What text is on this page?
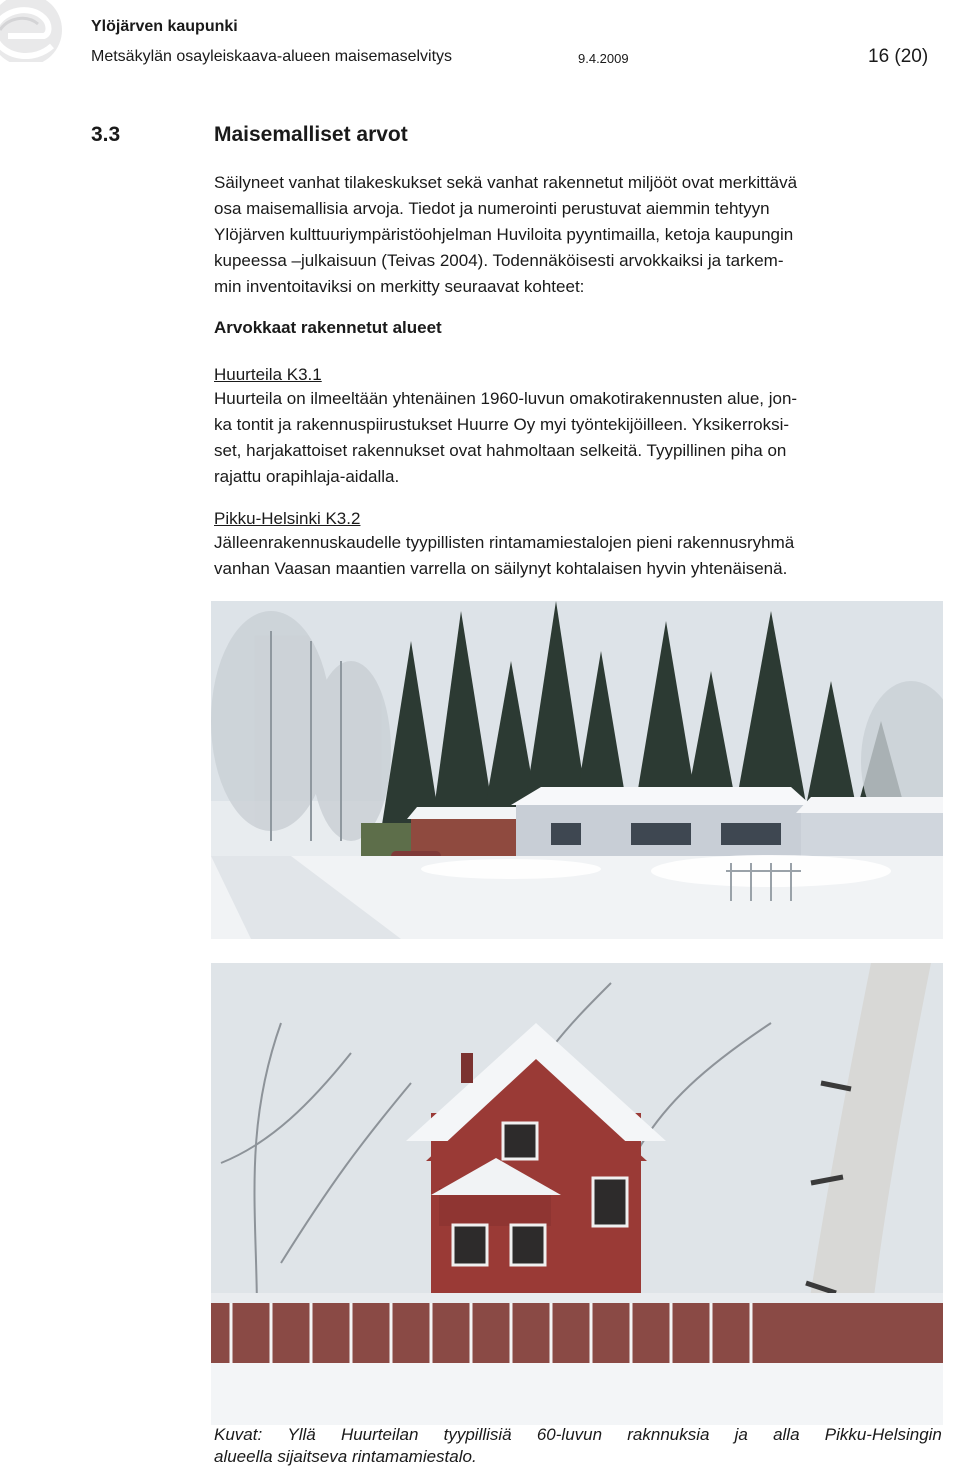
Ylöjärven kaupunki
Metsäkylän osayleiskaava-alueen maisemaselvitys	9.4.2009	16 (20)
3.3	Maisemalliset arvot
Säilyneet vanhat tilakeskukset sekä vanhat rakennetut miljööt ovat merkittävä
osa maisemallisia arvoja. Tiedot ja numerointi perustuvat aiemmin tehtyyn
Ylöjärven kulttuuriympäristöohjelman Huviloita pyyntimailla, ketoja kaupungin
kupeessa –julkaisuun (Teivas 2004). Todennäköisesti arvokkaiksi ja tarkem-
min inventoitaviksi on merkitty seuraavat kohteet:
Arvokkaat rakennetut alueet
Huurteila K3.1
Huurteila on ilmeeltään yhtenäinen 1960-luvun omakotirakennusten alue, jon-
ka tontit ja rakennuspiirustukset Huurre Oy myi työntekijöilleen. Yksikerroksi-
set, harjakattoiset rakennukset ovat hahmoltaan selkeitä. Tyypillinen piha on
rajattu orapihlaja-aidalla.
Pikku-Helsinki K3.2
Jälleenrakennuskaudelle tyypillisten rintamamiestalojen pieni rakennusryhmä
vanhan Vaasan maantien varrella on säilynyt kohtalaisen hyvin yhtenäisenä.
Kuvat: Yllä Huurteilan tyypillisiä 60-luvun raknnuksia ja alla Pikku-Helsingin
alueella sijaitseva rintamamiestalo.
